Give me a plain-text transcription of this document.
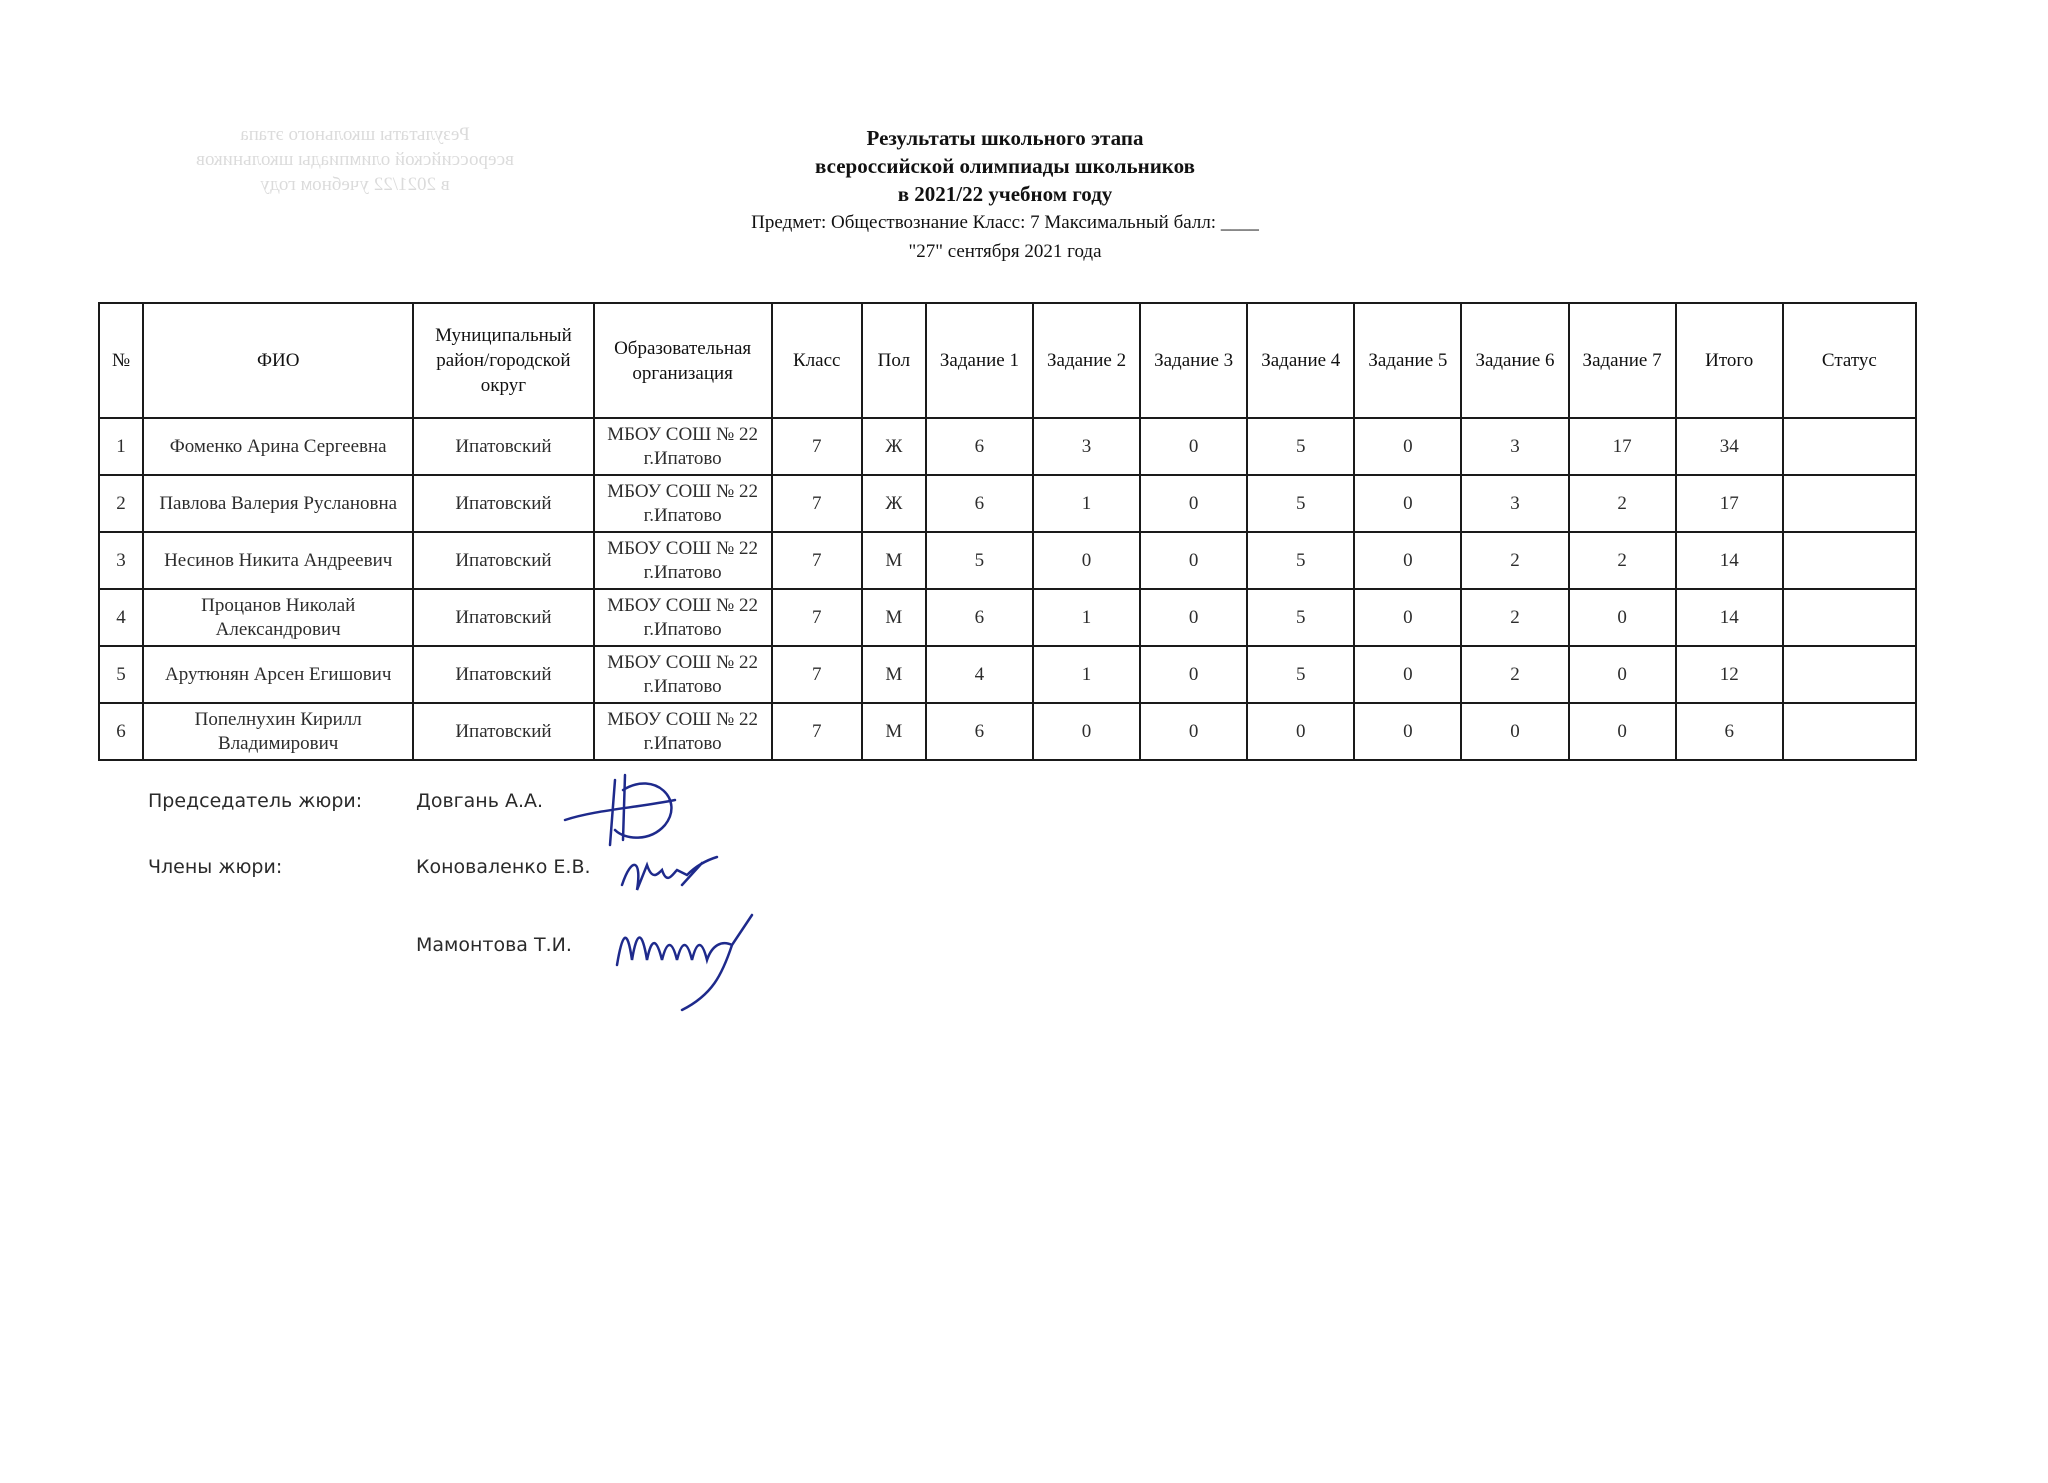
Результаты школьного этапа
всероссийской олимпиады школьников
в 2021/22 учебном году
Результаты школьного этапа
всероссийской олимпиады школьников
в 2021/22 учебном году
Предмет: Обществознание Класс: 7 Максимальный балл: ____
"27" сентября 2021 года
№	ФИО	Муниципальный район/городской округ	Образовательная организация	Класс	Пол	Задание 1	Задание 2	Задание 3	Задание 4	Задание 5	Задание 6	Задание 7	Итого	Статус
1	Фоменко Арина Сергеевна	Ипатовский	МБОУ СОШ № 22 г.Ипатово	7	Ж	6	3	0	5	0	3	17	34	
2	Павлова Валерия Руслановна	Ипатовский	МБОУ СОШ № 22 г.Ипатово	7	Ж	6	1	0	5	0	3	2	17	
3	Несинов Никита Андреевич	Ипатовский	МБОУ СОШ № 22 г.Ипатово	7	М	5	0	0	5	0	2	2	14	
4	Процанов Николай Александрович	Ипатовский	МБОУ СОШ № 22 г.Ипатово	7	М	6	1	0	5	0	2	0	14	
5	Арутюнян Арсен Егишович	Ипатовский	МБОУ СОШ № 22 г.Ипатово	7	М	4	1	0	5	0	2	0	12	
6	Попелнухин Кирилл Владимирович	Ипатовский	МБОУ СОШ № 22 г.Ипатово	7	М	6	0	0	0	0	0	0	6	
Председатель жюри:	Довгань А.А.
Члены жюри:	Коноваленко Е.В.
Мамонтова Т.И.
